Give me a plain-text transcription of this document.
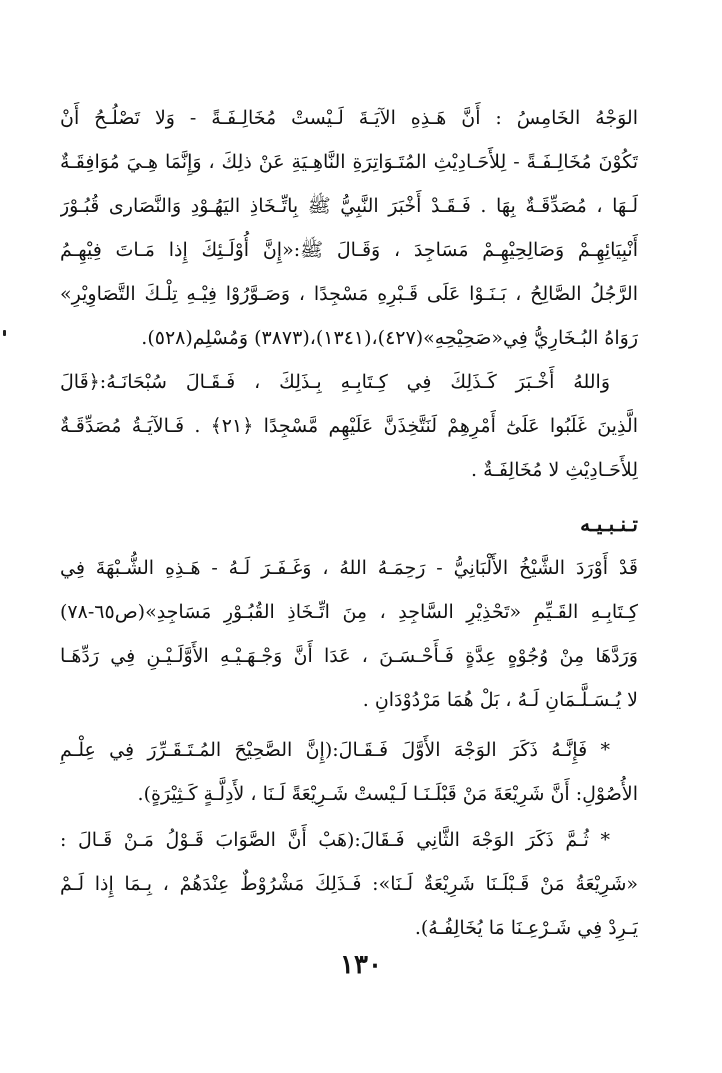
الوَجْهُ الخَامِسُ : أَنَّ هَـذِهِ الآيَـةَ لَـيْستْ مُخَالِـفَـةً - وَلا تَصْلُـحُ أَنْ
تَكُوْنَ مُخَالِـفَـةً - لِلأَحَـادِيْثِ المُتَـوَاتِرَةِ النَّاهِـيَةِ عَنْ ذلِكَ ، وَإِنَّمَا هِـيَ مُوَافِقَـةٌ
لَـهَا ، مُصَدِّقَـةٌ بِهَا . فَـقَـدْ أَخْبَرَ النَّبِيُّ ﷺ بِاتِّـخَاذِ اليَهُـوْدِ وَالنَّصَارى قُبُـوْرَ
أَنْبِيَائِهِـمْ وَصَالِحِيْهِـمْ مَسَاجِدَ ، وَقَـالَ ﷺ:«إِنَّ أُوْلَـئِكَ إِذا مَـاتَ فِيْهِـمُ
الرَّجُلُ الصَّالِحُ ، بَـنَـوْا عَلَى قَـبْرِهِ مَسْجِدًا ، وَصَـوَّرُوْا فِيْـهِ تِلْـكَ التَّصَاوِيْرِ»
رَوَاهُ البُـخَارِيُّ فِي«صَحِيْحِهِ»(٤٢٧)،(١٣٤١)،(٣٨٧٣) وَمُسْلِم(٥٢٨).
وَاللهُ أَخْـبَرَ كَـذَلِكَ فِي كِـتَابِـهِ بِـذَلِكَ ، فَـقَـالَ سُبْحَانَـهُ:﴿قَالَ
الَّذِينَ غَلَبُوا عَلَىٰٓ أَمْرِهِمْ لَنَتَّخِذَنَّ عَلَيْهِم مَّسْجِدًا ﴿٢١﴾ . فَـالآيَـةُ مُصَدِّقَـةٌ
لِلأَحَـادِيْثِ لا مُخَالِفَـةٌ .
تـنـبـيـه
قَدْ أَوْرَدَ الشَّيْخُ الأَلْبَانِيُّ - رَحِمَـهُ اللهُ ، وَغَـفَـرَ لَـهُ - هَـذِهِ الشُّـبْهَةَ فِي
كِـتَابِـهِ القَـيِّمِ «تَحْذِيْرِ السَّاجِدِ ، مِنَ اتِّـخَاذِ القُبُـوْرِ مَسَاجِدِ»(ص٦٥-٧٨)
وَرَدَّهَا مِنْ وُجُوْهٍ عِدَّةٍ فَـأَحْـسَـنَ ، عَدَا أَنَّ وَجْـهَـيْـهِ الأَوَّلَـيْـنِ فِي رَدِّهَـا
لا يُـسَـلَّـمَانِ لَـهُ ، بَلْ هُمَا مَرْدُوْدَانِ .
* فَإِنَّـهُ ذَكَرَ الوَجْهَ الأَوَّلَ فَـقَـالَ:(إِنَّ الصَّحِيْحَ المُـتَـقَـرِّرَ فِي عِلْـمِ
الأُصُوْلِ: أَنَّ شَرِيْعَةَ مَنْ قَبْلَـنَـا لَـيْستْ شَـرِيْعَةً لَـنَا ، لأَدِلَّـةٍ كَـثِيْرَةٍ).
* ثُـمَّ ذَكَرَ الوَجْهَ الثَّانِي فَـقَالَ:(هَبْ أَنَّ الصَّوَابَ قَـوْلُ مَـنْ قَـالَ :
«شَرِيْعَةُ مَنْ قَـبْلَـنَا شَرِيْعَةٌ لَـنَا»: فَـذَلِكَ مَشْرُوْطٌ عِنْدَهُمْ ، بِـمَا إِذا لَـمْ
يَـرِدْ فِي شَـرْعِـنَا مَا يُخَالِفُـهُ).
١٣٠
